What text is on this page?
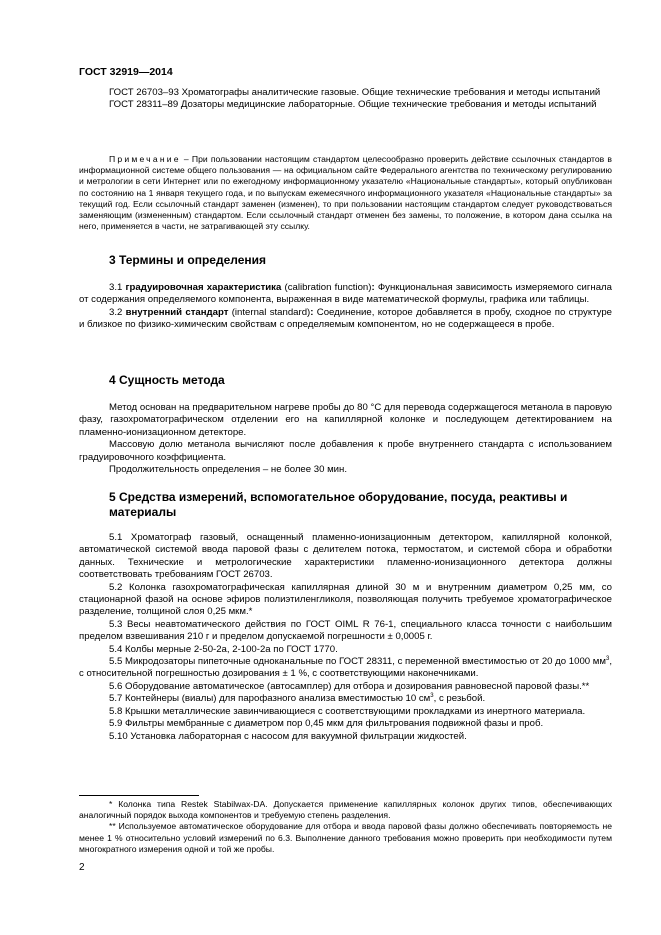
ГОСТ 32919—2014

ГОСТ 26703–93 Хроматографы аналитические газовые. Общие технические требования и методы испытаний

ГОСТ 28311–89 Дозаторы медицинские лабораторные. Общие технические требования и методы испытаний

Примечание – При пользовании настоящим стандартом целесообразно проверить действие ссылочных стандартов в информационной системе общего пользования — на официальном сайте Федерального агентства по техническому регулированию и метрологии в сети Интернет или по ежегодному информационному указателю «Национальные стандарты», который опубликован по состоянию на 1 января текущего года, и по выпускам ежемесячного информационного указателя «Национальные стандарты» за текущий год. Если ссылочный стандарт заменен (изменен), то при пользовании настоящим стандартом следует руководствоваться заменяющим (измененным) стандартом. Если ссылочный стандарт отменен без замены, то положение, в котором дана ссылка на него, применяется в части, не затрагивающей эту ссылку.

3 Термины и определения

3.1 градуировочная характеристика (calibration function): Функциональная зависимость измеряемого сигнала от содержания определяемого компонента, выраженная в виде математической формулы, графика или таблицы.

3.2 внутренний стандарт (internal standard): Соединение, которое добавляется в пробу, сходное по структуре и близкое по физико-химическим свойствам с определяемым компонентом, но не содержащееся в пробе.

4 Сущность метода

Метод основан на предварительном нагреве пробы до 80 °С для перевода содержащегося метанола в паровую фазу, газохроматографическом отделении его на капиллярной колонке и последующем детектированием на пламенно-ионизационном детекторе.

Массовую долю метанола вычисляют после добавления к пробе внутреннего стандарта с использованием градуировочного коэффициента.

Продолжительность определения – не более 30 мин.

5 Средства измерений, вспомогательное оборудование, посуда, реактивы и материалы

5.1 Хроматограф газовый, оснащенный пламенно-ионизационным детектором, капиллярной колонкой, автоматической системой ввода паровой фазы с делителем потока, термостатом, и системой сбора и обработки данных. Технические и метрологические характеристики пламенно-ионизационного детектора должны соответствовать требованиям ГОСТ 26703.

5.2 Колонка газохроматографическая капиллярная длиной 30 м и внутренним диаметром 0,25 мм, со стационарной фазой на основе эфиров полиэтиленгликоля, позволяющая получить требуемое хроматографическое разделение, толщиной слоя 0,25 мкм.*

5.3 Весы неавтоматического действия по ГОСТ OIML R 76-1, специального класса точности с наибольшим пределом взвешивания 210 г и пределом допускаемой погрешности ± 0,0005 г.

5.4 Колбы мерные 2-50-2а, 2-100-2а по ГОСТ 1770.

5.5 Микродозаторы пипеточные одноканальные по ГОСТ 28311, с переменной вместимостью от 20 до 1000 $мм^3$, с относительной погрешностью дозирования ± 1 %, с соответствующими наконечниками.

5.6 Оборудование автоматическое (автосамплер) для отбора и дозирования равновесной паровой фазы.**

5.7 Контейнеры (виалы) для парофазного анализа вместимостью 10 $см^3$, с резьбой.

5.8 Крышки металлические завинчивающиеся с соответствующими прокладками из инертного материала.

5.9 Фильтры мембранные с диаметром пор 0,45 мкм для фильтрования подвижной фазы и проб.

5.10 Установка лабораторная с насосом для вакуумной фильтрации жидкостей.

* Колонка типа Restek Stabilwax-DA. Допускается применение капиллярных колонок других типов, обеспечивающих аналогичный порядок выхода компонентов и требуемую степень разделения.

** Используемое автоматическое оборудование для отбора и ввода паровой фазы должно обеспечивать повторяемость не менее 1 % относительно условий измерений по 6.3. Выполнение данного требования можно проверить при необходимости путем многократного измерения одной и той же пробы.

2
